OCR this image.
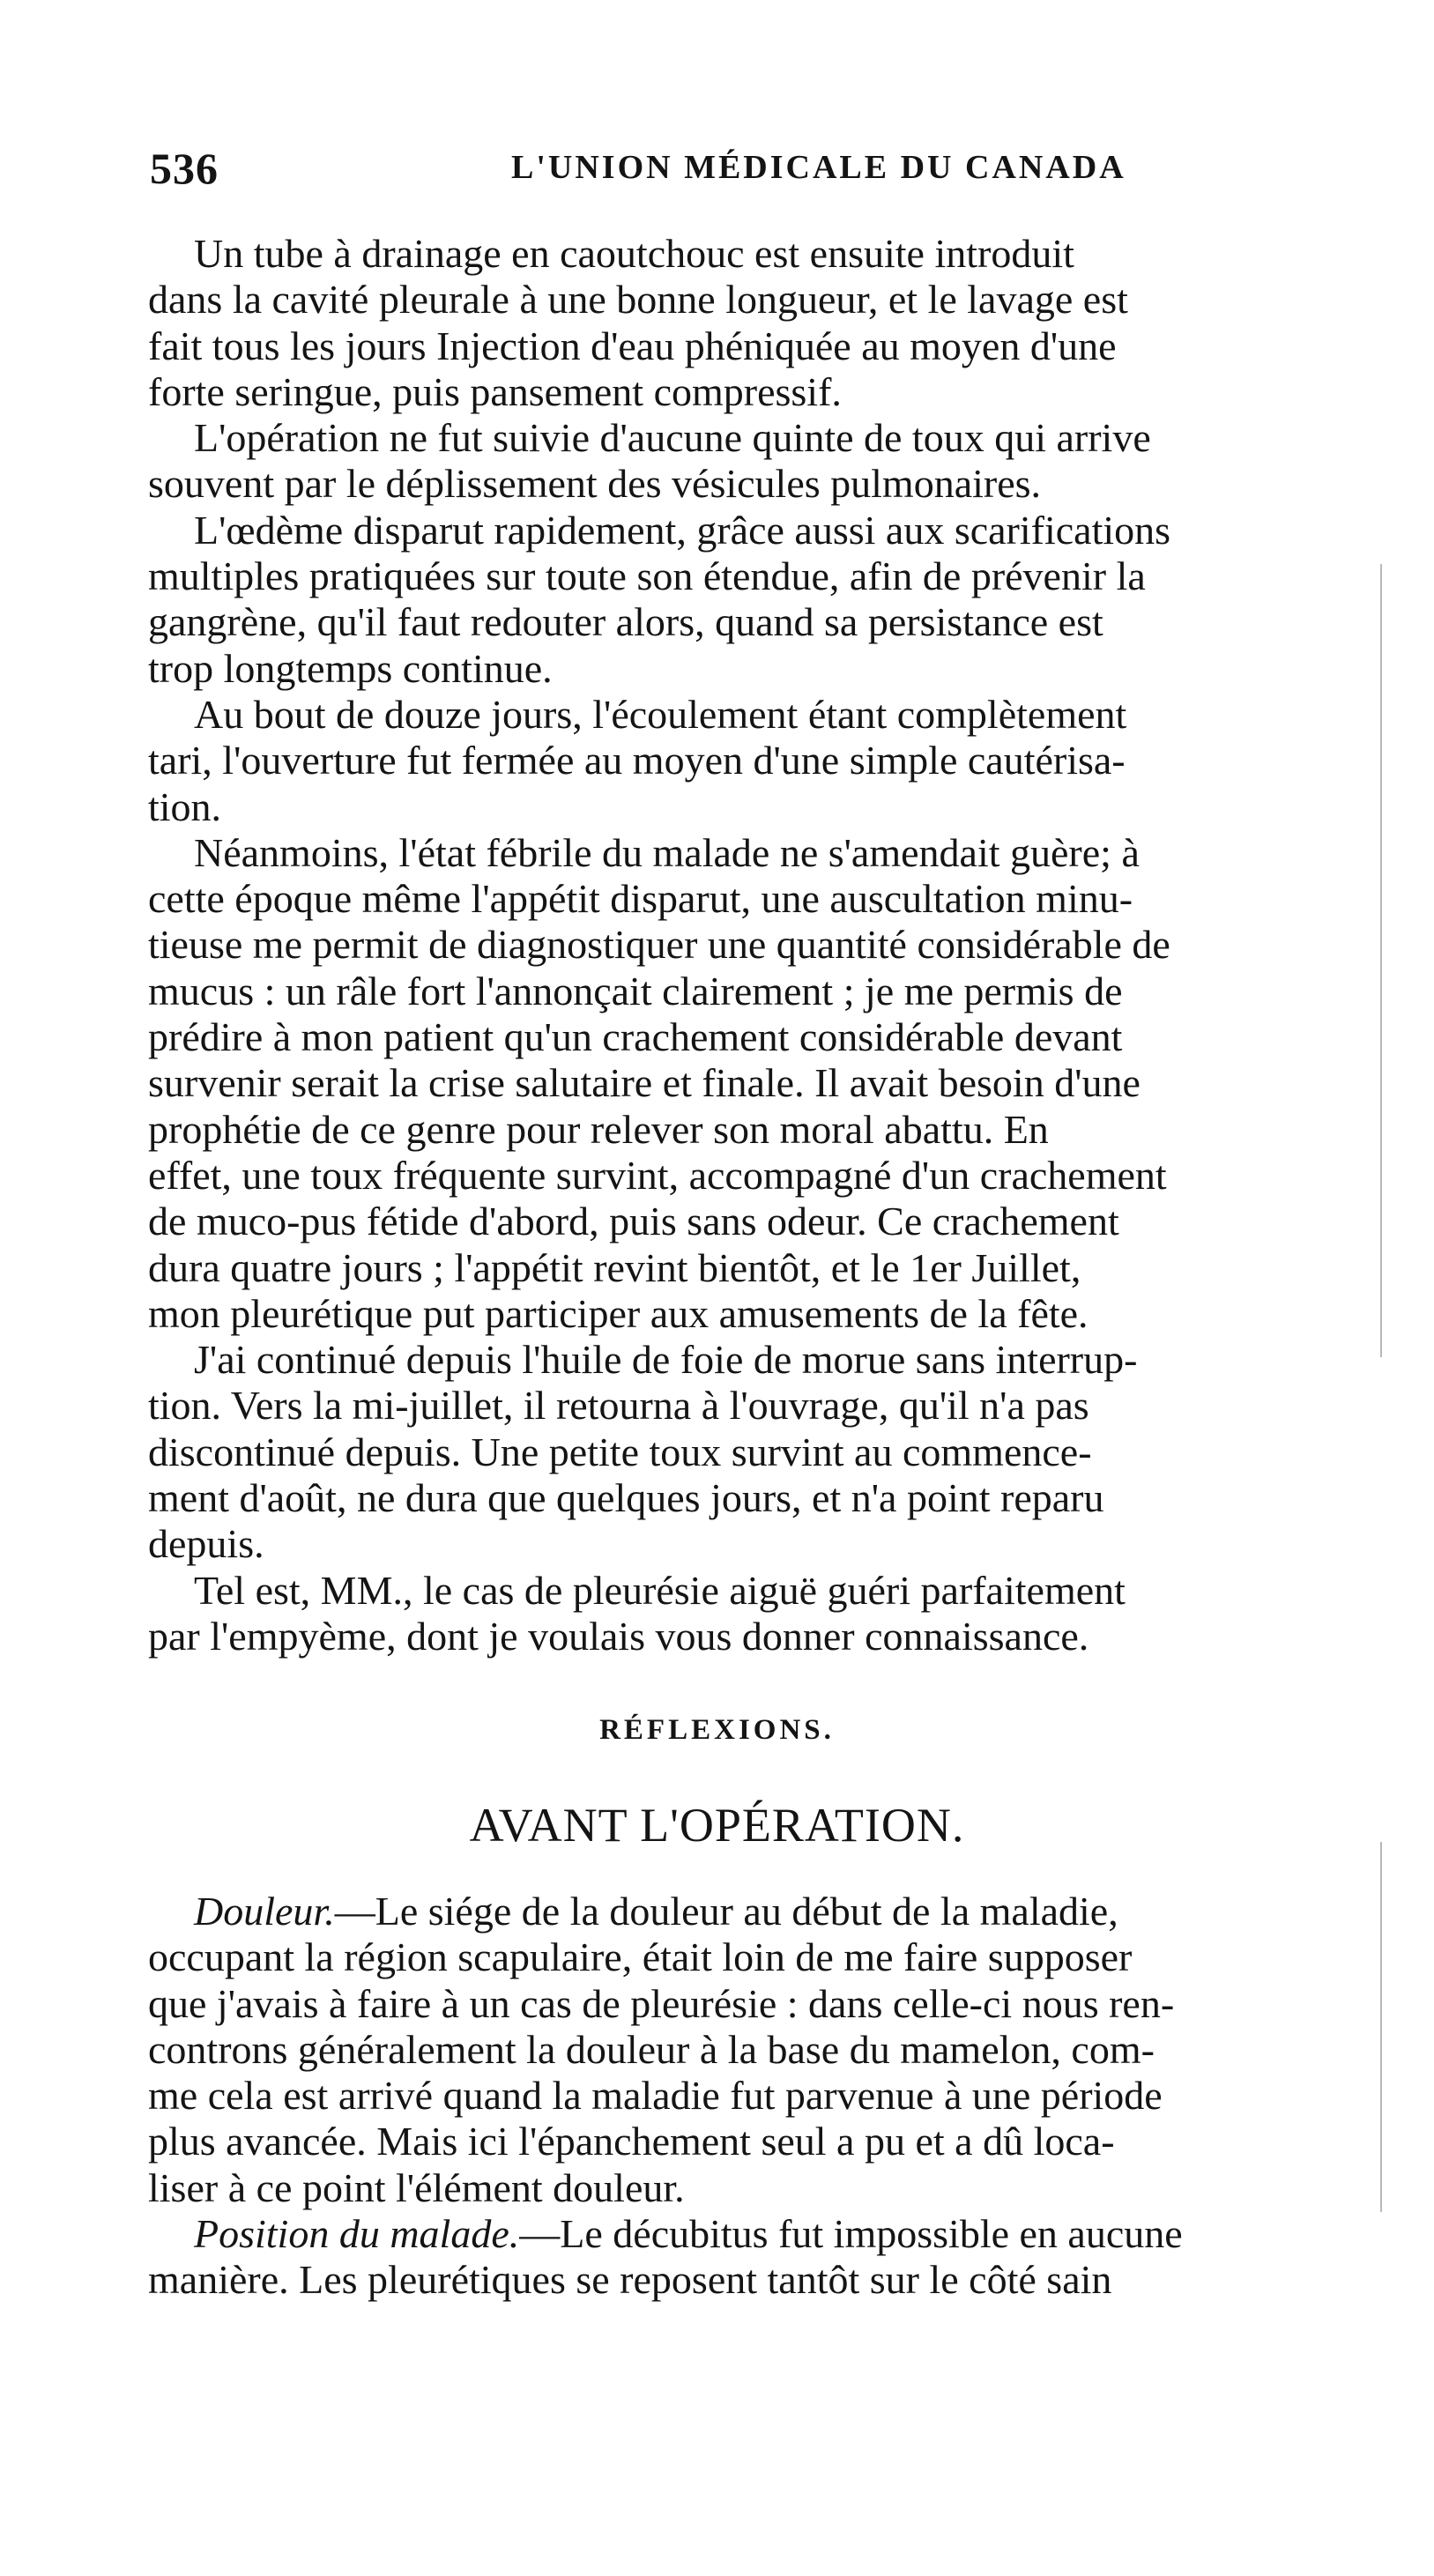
536	L'UNION MÉDICALE DU CANADA

Un tube à drainage en caoutchouc est ensuite introduit
dans la cavité pleurale à une bonne longueur, et le lavage est
fait tous les jours Injection d'eau phéniquée au moyen d'une
forte seringue, puis pansement compressif.

L'opération ne fut suivie d'aucune quinte de toux qui arrive
souvent par le déplissement des vésicules pulmonaires.

L'œdème disparut rapidement, grâce aussi aux scarifications
multiples pratiquées sur toute son étendue, afin de prévenir la
gangrène, qu'il faut redouter alors, quand sa persistance est
trop longtemps continue.

Au bout de douze jours, l'écoulement étant complètement
tari, l'ouverture fut fermée au moyen d'une simple cautérisa-
tion.

Néanmoins, l'état fébrile du malade ne s'amendait guère; à
cette époque même l'appétit disparut, une auscultation minu-
tieuse me permit de diagnostiquer une quantité considérable de
mucus : un râle fort l'annonçait clairement ; je me permis de
prédire à mon patient qu'un crachement considérable devant
survenir serait la crise salutaire et finale. Il avait besoin d'une
prophétie de ce genre pour relever son moral abattu. En
effet, une toux fréquente survint, accompagné d'un crachement
de muco-pus fétide d'abord, puis sans odeur. Ce crachement
dura quatre jours ; l'appétit revint bientôt, et le 1er Juillet,
mon pleurétique put participer aux amusements de la fête.

J'ai continué depuis l'huile de foie de morue sans interrup-
tion. Vers la mi-juillet, il retourna à l'ouvrage, qu'il n'a pas
discontinué depuis. Une petite toux survint au commence-
ment d'août, ne dura que quelques jours, et n'a point reparu
depuis.

Tel est, MM., le cas de pleurésie aiguë guéri parfaitement
par l'empyème, dont je voulais vous donner connaissance.

RÉFLEXIONS.
AVANT L'OPÉRATION.

Douleur.—Le siége de la douleur au début de la maladie,
occupant la région scapulaire, était loin de me faire supposer
que j'avais à faire à un cas de pleurésie : dans celle-ci nous ren-
controns généralement la douleur à la base du mamelon, com-
me cela est arrivé quand la maladie fut parvenue à une période
plus avancée. Mais ici l'épanchement seul a pu et a dû loca-
liser à ce point l'élément douleur.

Position du malade.—Le décubitus fut impossible en aucune
manière. Les pleurétiques se reposent tantôt sur le côté sain
